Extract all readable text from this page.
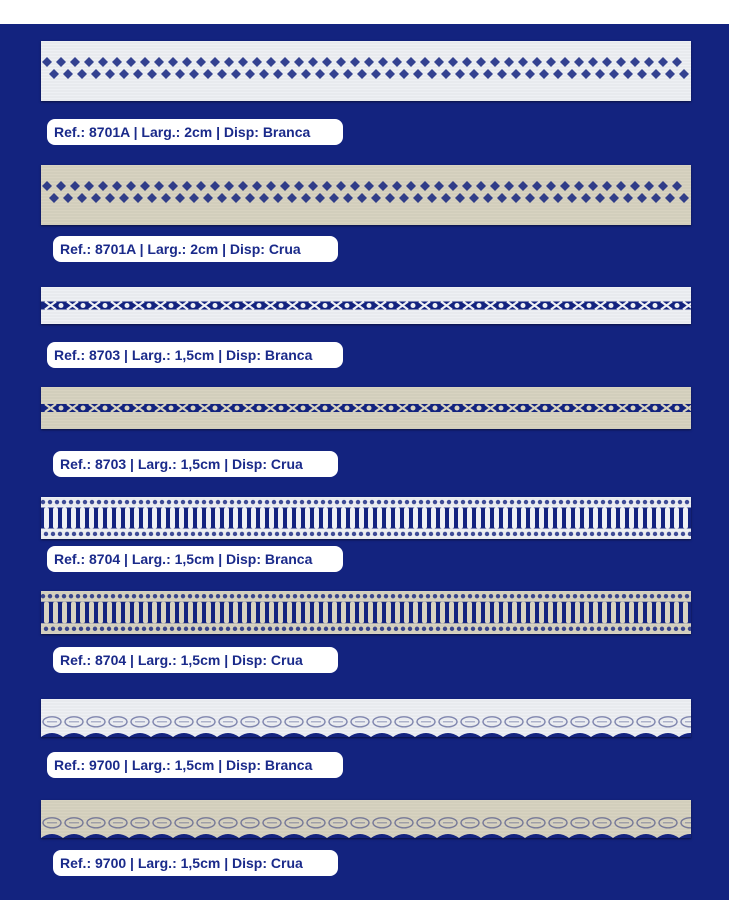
Ref.: 8701A | Larg.: 2cm | Disp: Branca
Ref.: 8701A | Larg.: 2cm | Disp: Crua
Ref.: 8703 | Larg.: 1,5cm | Disp: Branca
Ref.: 8703 | Larg.: 1,5cm | Disp: Crua
Ref.: 8704 | Larg.: 1,5cm | Disp: Branca
Ref.: 8704 | Larg.: 1,5cm | Disp: Crua
Ref.: 9700 | Larg.: 1,5cm | Disp: Branca
Ref.: 9700 | Larg.: 1,5cm | Disp: Crua
